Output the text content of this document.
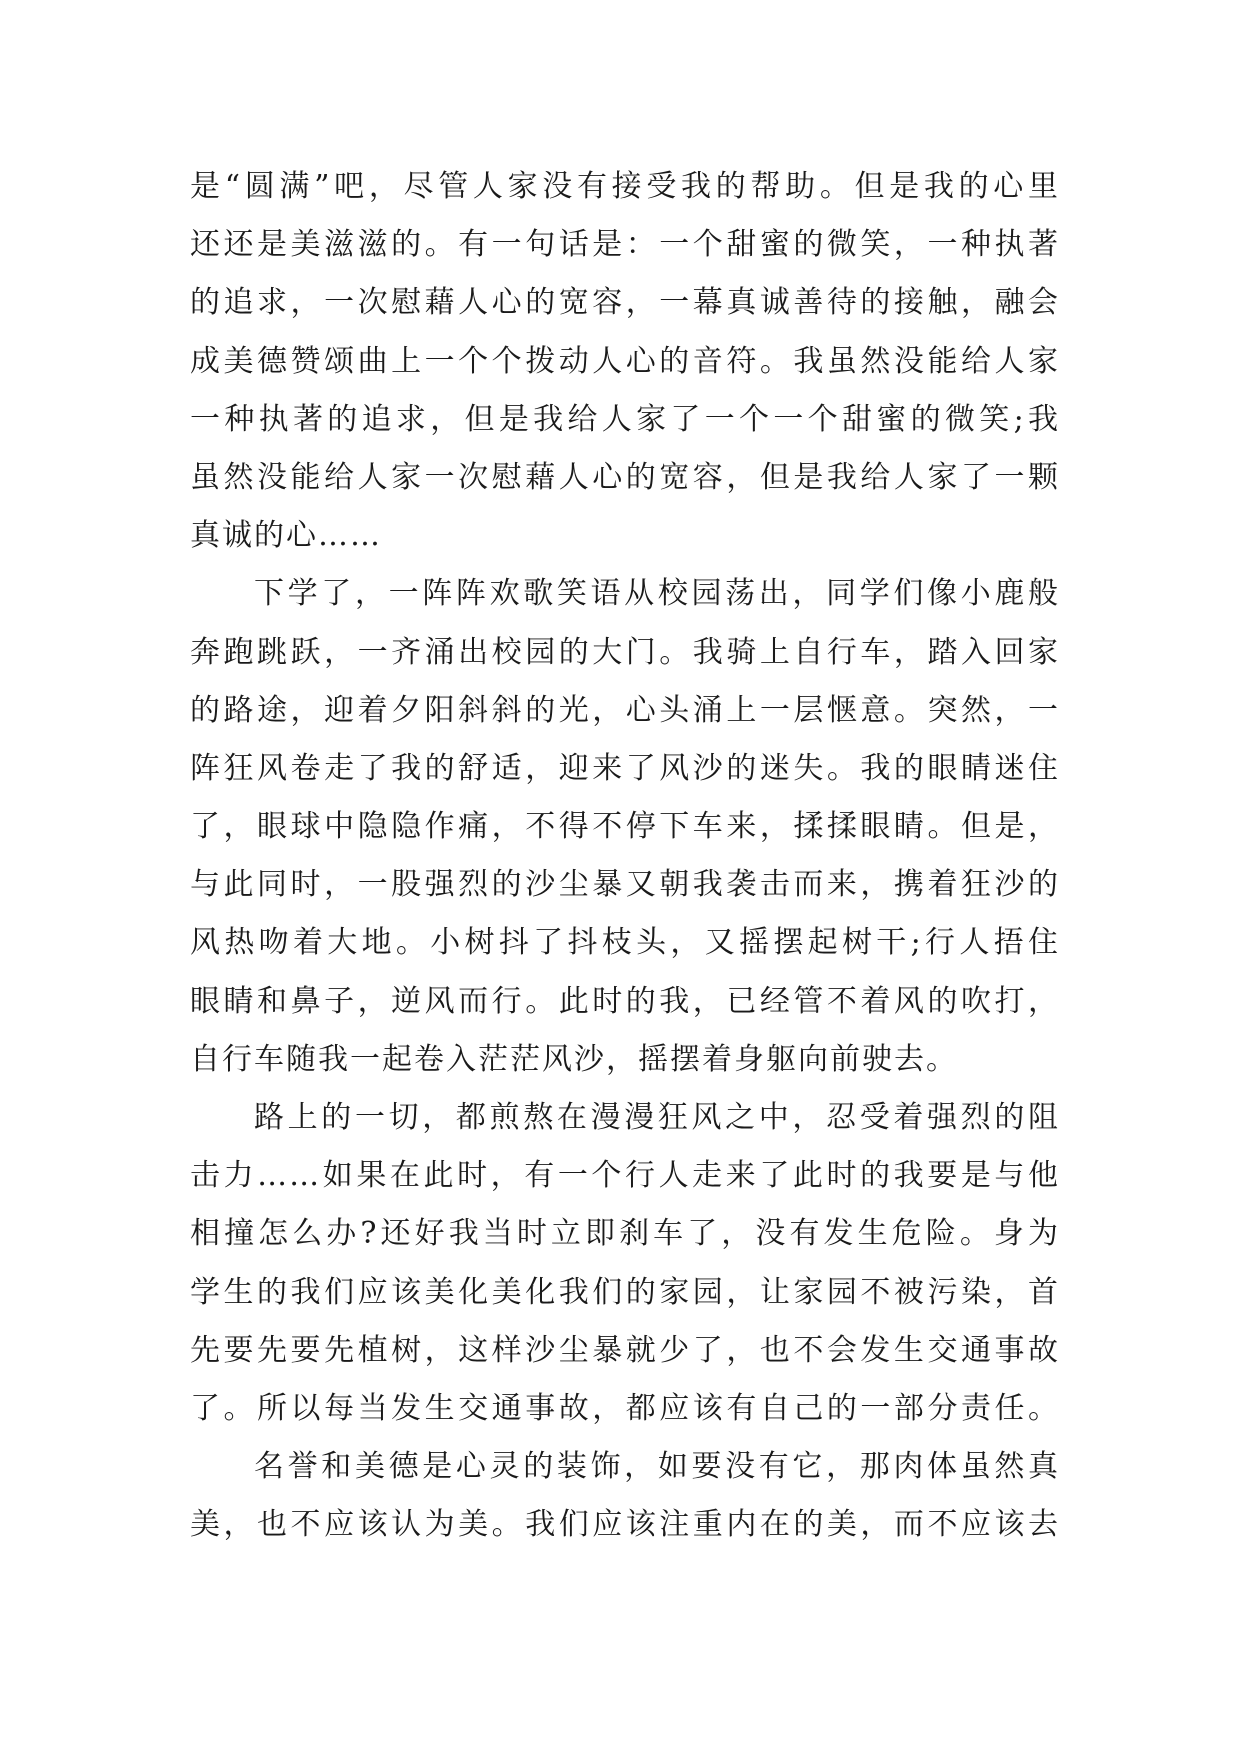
是“圆满”吧，尽管人家没有接受我的帮助。但是我的心里
还还是美滋滋的。有一句话是：一个甜蜜的微笑，一种执著
的追求，一次慰藉人心的宽容，一幕真诚善待的接触，融会
成美德赞颂曲上一个个拨动人心的音符。我虽然没能给人家
一种执著的追求，但是我给人家了一个一个甜蜜的微笑;我
虽然没能给人家一次慰藉人心的宽容，但是我给人家了一颗
真诚的心……
下学了，一阵阵欢歌笑语从校园荡出，同学们像小鹿般
奔跑跳跃，一齐涌出校园的大门。我骑上自行车，踏入回家
的路途，迎着夕阳斜斜的光，心头涌上一层惬意。突然，一
阵狂风卷走了我的舒适，迎来了风沙的迷失。我的眼睛迷住
了，眼球中隐隐作痛，不得不停下车来，揉揉眼睛。但是，
与此同时，一股强烈的沙尘暴又朝我袭击而来，携着狂沙的
风热吻着大地。小树抖了抖枝头，又摇摆起树干;行人捂住
眼睛和鼻子，逆风而行。此时的我，已经管不着风的吹打，
自行车随我一起卷入茫茫风沙，摇摆着身躯向前驶去。
路上的一切，都煎熬在漫漫狂风之中，忍受着强烈的阻
击力……如果在此时，有一个行人走来了此时的我要是与他
相撞怎么办?还好我当时立即刹车了，没有发生危险。身为
学生的我们应该美化美化我们的家园，让家园不被污染，首
先要先要先植树，这样沙尘暴就少了，也不会发生交通事故
了。所以每当发生交通事故，都应该有自己的一部分责任。
名誉和美德是心灵的装饰，如要没有它，那肉体虽然真
美，也不应该认为美。我们应该注重内在的美，而不应该去
